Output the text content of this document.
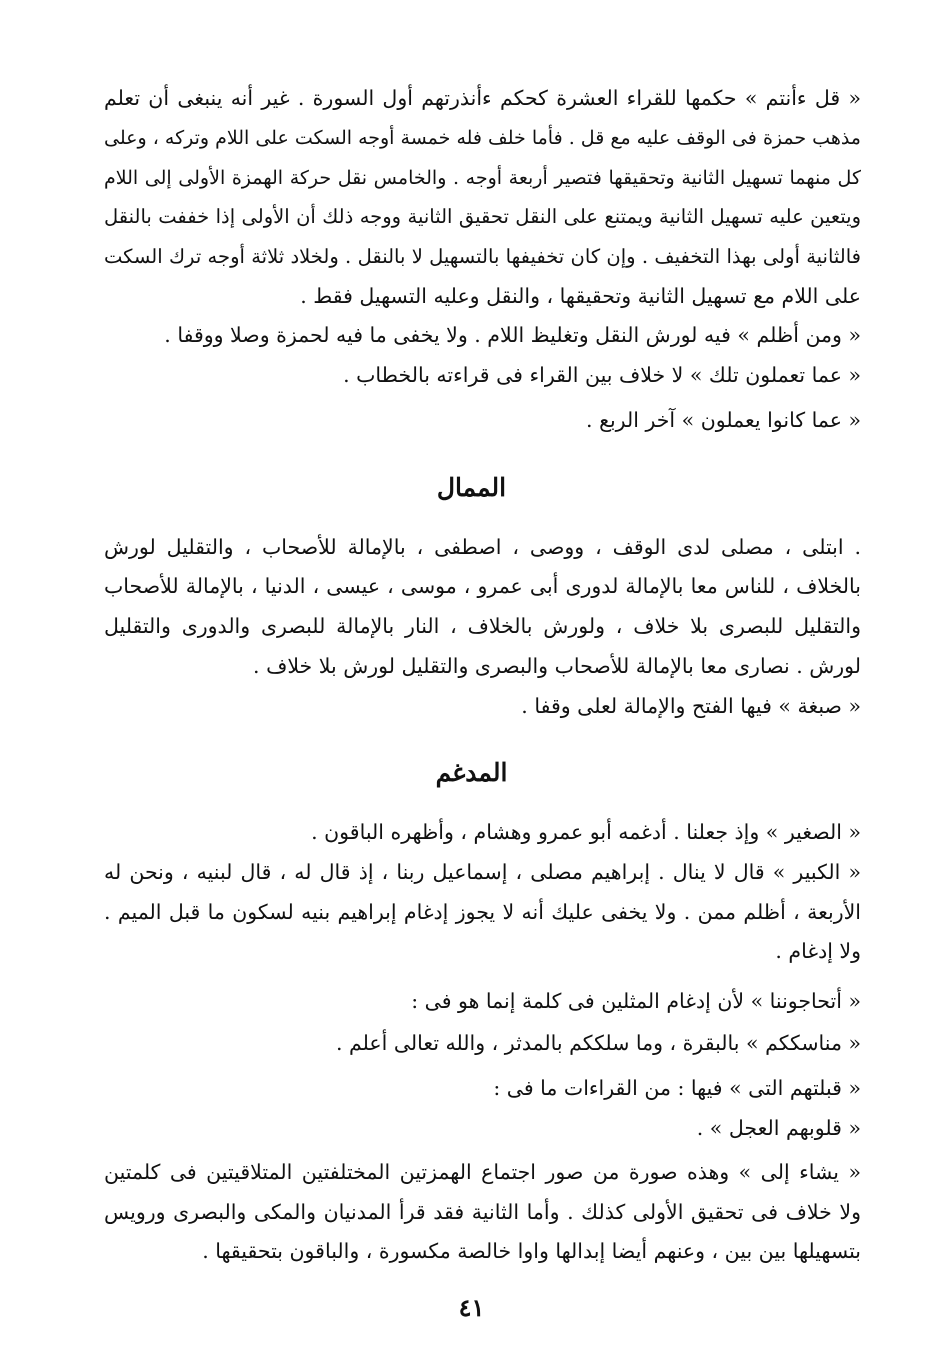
« قل ءأنتم » حكمها للقراء العشرة كحكم ءأنذرتهم أول السورة . غير أنه ينبغى أن تعلم
مذهب حمزة فى الوقف عليه مع قل . فأما خلف فله خمسة أوجه السكت على اللام وتركه ، وعلى
كل منهما تسهيل الثانية وتحقيقها فتصير أربعة أوجه . والخامس نقل حركة الهمزة الأولى إلى اللام
ويتعين عليه تسهيل الثانية ويمتنع على النقل تحقيق الثانية ووجه ذلك أن الأولى إذا خففت بالنقل
فالثانية أولى بهذا التخفيف . وإن كان تخفيفها بالتسهيل لا بالنقل . ولخلاد ثلاثة أوجه ترك السكت
على اللام مع تسهيل الثانية وتحقيقها ، والنقل وعليه التسهيل فقط .
« ومن أظلم » فيه لورش النقل وتغليظ اللام . ولا يخفى ما فيه لحمزة وصلا ووقفا .
« عما تعملون تلك » لا خلاف بين القراء فى قراءته بالخطاب .
« عما كانوا يعملون » آخر الربع .
الممال
. ابتلى ، مصلى لدى الوقف ، ووصى ، اصطفى ، بالإمالة للأصحاب ، والتقليل لورش
بالخلاف ، للناس معا بالإمالة لدورى أبى عمرو ، موسى ، عيسى ، الدنيا ، بالإمالة للأصحاب
والتقليل للبصرى بلا خلاف ، ولورش بالخلاف ، النار بالإمالة للبصرى والدورى والتقليل
لورش . نصارى معا بالإمالة للأصحاب والبصرى والتقليل لورش بلا خلاف .
« صبغة » فيها الفتح والإمالة لعلى وقفا .
المدغم
« الصغير » وإذ جعلنا . أدغمه أبو عمرو وهشام ، وأظهره الباقون .
« الكبير » قال لا ينال . إبراهيم مصلى ، إسماعيل ربنا ، إذ قال له ، قال لبنيه ، ونحن له
الأربعة ، أظلم ممن . ولا يخفى عليك أنه لا يجوز إدغام إبراهيم بنيه لسكون ما قبل الميم .
ولا إدغام .
« أتحاجوننا » لأن إدغام المثلين فى كلمة إنما هو فى :
« مناسككم » بالبقرة ، وما سلككم بالمدثر ، والله تعالى أعلم .
« قبلتهم التى » فيها : من القراءات ما فى :
« قلوبهم العجل » .
« يشاء إلى » وهذه صورة من صور اجتماع الهمزتين المختلفتين المتلاقيتين فى كلمتين
ولا خلاف فى تحقيق الأولى كذلك . وأما الثانية فقد قرأ المدنيان والمكى والبصرى ورويس
بتسهيلها بين بين ، وعنهم أيضا إبدالها واوا خالصة مكسورة ، والباقون بتحقيقها .
٤١
